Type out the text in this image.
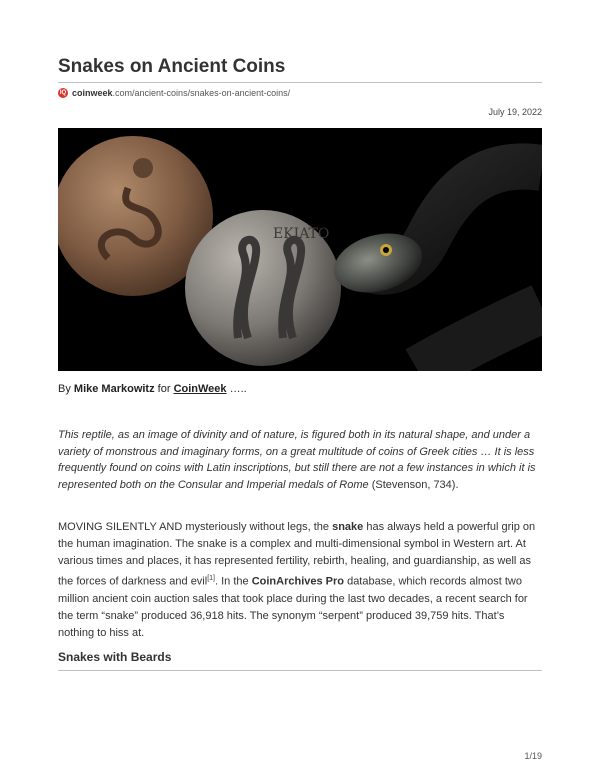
Snakes on Ancient Coins
IQ coinweek.com/ancient-coins/snakes-on-ancient-coins/
July 19, 2022
EKIATO
By Mike Markowitz for CoinWeek …..

This reptile, as an image of divinity and of nature, is figured both in its natural shape, and under a variety of monstrous and imaginary forms, on a great multitude of coins of Greek cities … It is less frequently found on coins with Latin inscriptions, but still there are not a few instances in which it is represented both on the Consular and Imperial medals of Rome (Stevenson, 734).

MOVING SILENTLY AND mysteriously without legs, the snake has always held a powerful grip on the human imagination. The snake is a complex and multi-dimensional symbol in Western art. At various times and places, it has represented fertility, rebirth, healing, and guardianship, as well as the forces of darkness and evil[1]. In the CoinArchives Pro database, which records almost two million ancient coin auction sales that took place during the last two decades, a recent search for the term “snake” produced 36,918 hits. The synonym “serpent” produced 39,759 hits. That’s nothing to hiss at.

Snakes with Beards
1/19
